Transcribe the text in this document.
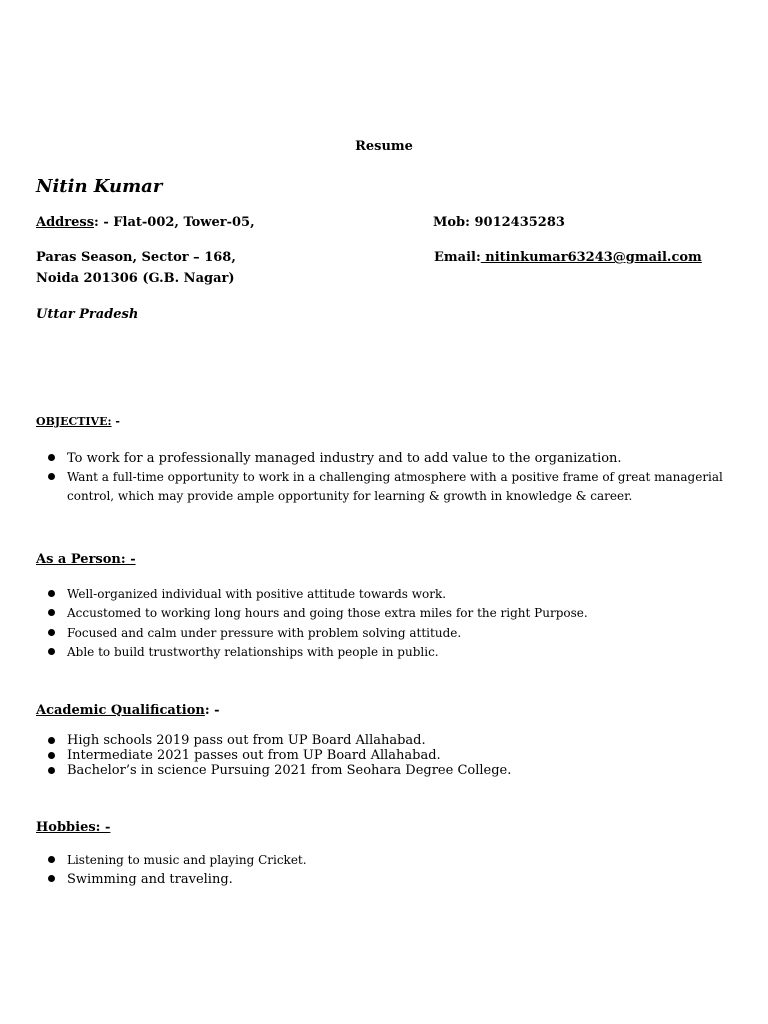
Resume
Nitin Kumar
Address: - Flat-002, Tower-05,	Mob: 9012435283
Paras Season, Sector – 168,	Email: nitinkumar63243@gmail.com
Noida 201306 (G.B. Nagar)
Uttar Pradesh
OBJECTIVE: -
To work for a professionally managed industry and to add value to the organization.
Want a full-time opportunity to work in a challenging atmosphere with a positive frame of great managerial control, which may provide ample opportunity for learning & growth in knowledge & career.
As a Person: -
Well-organized individual with positive attitude towards work.
Accustomed to working long hours and going those extra miles for the right Purpose.
Focused and calm under pressure with problem solving attitude.
Able to build trustworthy relationships with people in public.
Academic Qualification: -
High schools 2019 pass out from UP Board Allahabad.
Intermediate 2021 passes out from UP Board Allahabad.
Bachelor’s in science Pursuing 2021 from Seohara Degree College.
Hobbies: -
Listening to music and playing Cricket.
Swimming and traveling.
